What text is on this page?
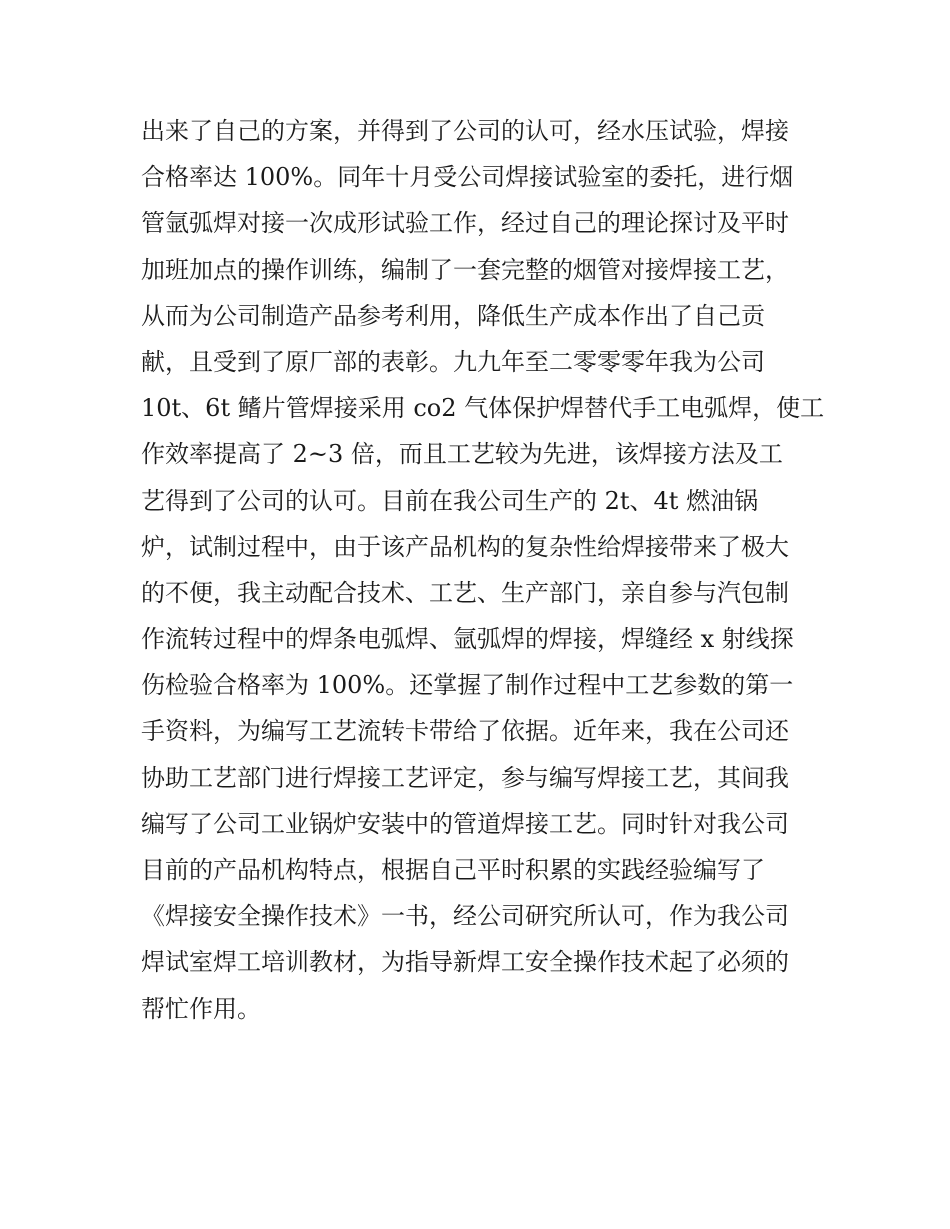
出来了自己的方案，并得到了公司的认可，经水压试验，焊接
合格率达 100%。同年十月受公司焊接试验室的委托，进行烟
管氩弧焊对接一次成形试验工作，经过自己的理论探讨及平时
加班加点的操作训练，编制了一套完整的烟管对接焊接工艺，
从而为公司制造产品参考利用，降低生产成本作出了自己贡
献，且受到了原厂部的表彰。九九年至二零零零年我为公司
10t、6t 鳍片管焊接采用 co2 气体保护焊替代手工电弧焊，使工
作效率提高了 2~3 倍，而且工艺较为先进，该焊接方法及工
艺得到了公司的认可。目前在我公司生产的 2t、4t 燃油锅
炉，试制过程中，由于该产品机构的复杂性给焊接带来了极大
的不便，我主动配合技术、工艺、生产部门，亲自参与汽包制
作流转过程中的焊条电弧焊、氩弧焊的焊接，焊缝经 x 射线探
伤检验合格率为 100%。还掌握了制作过程中工艺参数的第一
手资料，为编写工艺流转卡带给了依据。近年来，我在公司还
协助工艺部门进行焊接工艺评定，参与编写焊接工艺，其间我
编写了公司工业锅炉安装中的管道焊接工艺。同时针对我公司
目前的产品机构特点，根据自己平时积累的实践经验编写了
《焊接安全操作技术》一书，经公司研究所认可，作为我公司
焊试室焊工培训教材，为指导新焊工安全操作技术起了必须的
帮忙作用。
